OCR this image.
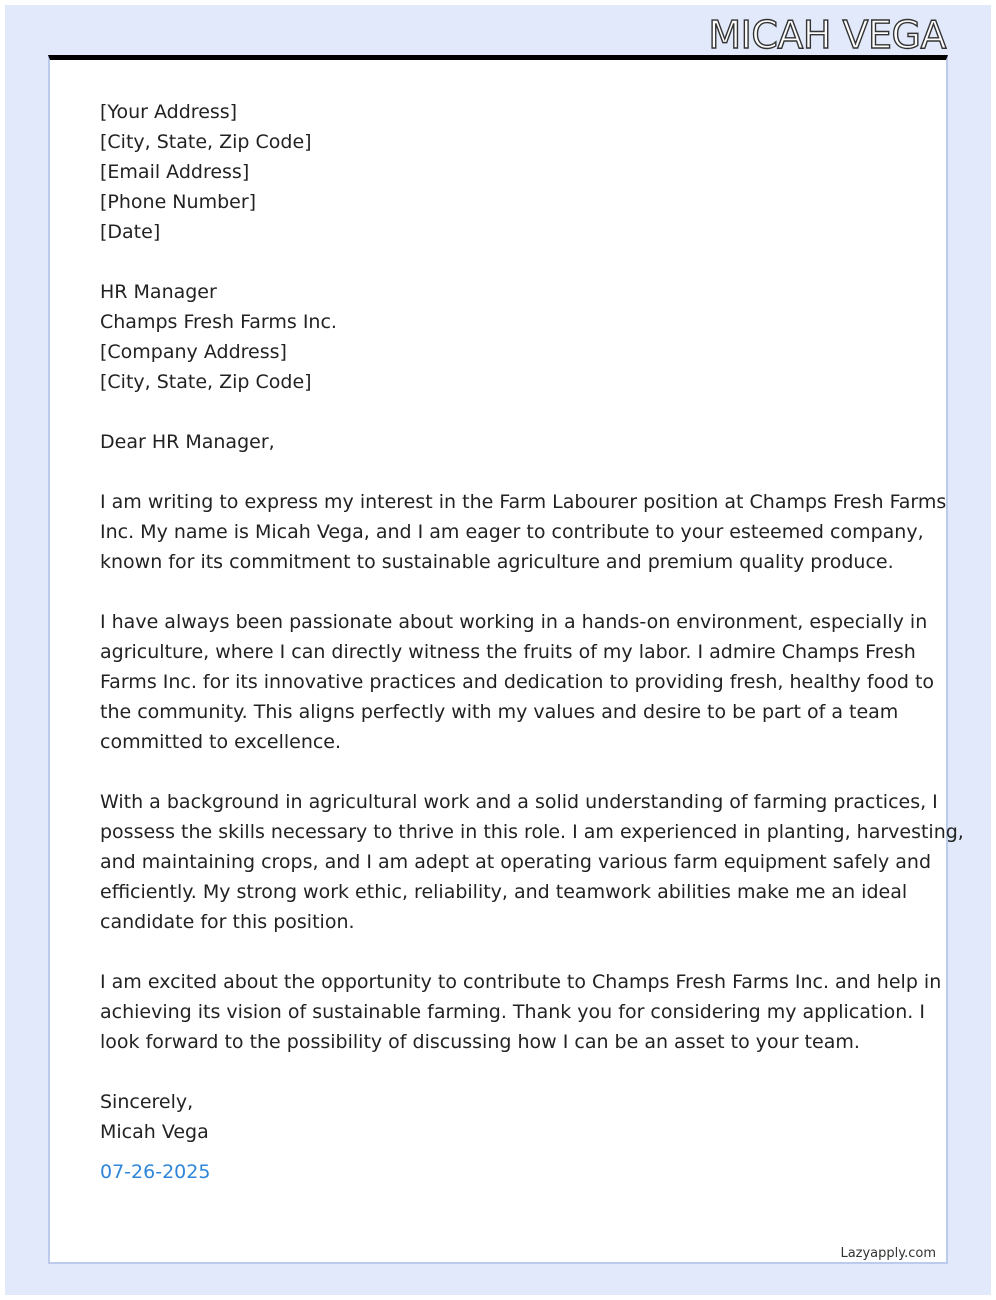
MICAH VEGA
[Your Address]
[City, State, Zip Code]
[Email Address]
[Phone Number]
[Date]
HR Manager
Champs Fresh Farms Inc.
[Company Address]
[City, State, Zip Code]
Dear HR Manager,
I am writing to express my interest in the Farm Labourer position at Champs Fresh Farms
Inc. My name is Micah Vega, and I am eager to contribute to your esteemed company,
known for its commitment to sustainable agriculture and premium quality produce.
I have always been passionate about working in a hands-on environment, especially in
agriculture, where I can directly witness the fruits of my labor. I admire Champs Fresh
Farms Inc. for its innovative practices and dedication to providing fresh, healthy food to
the community. This aligns perfectly with my values and desire to be part of a team
committed to excellence.
With a background in agricultural work and a solid understanding of farming practices, I
possess the skills necessary to thrive in this role. I am experienced in planting, harvesting,
and maintaining crops, and I am adept at operating various farm equipment safely and
efficiently. My strong work ethic, reliability, and teamwork abilities make me an ideal
candidate for this position.
I am excited about the opportunity to contribute to Champs Fresh Farms Inc. and help in
achieving its vision of sustainable farming. Thank you for considering my application. I
look forward to the possibility of discussing how I can be an asset to your team.
Sincerely,
Micah Vega
07-26-2025
Lazyapply.com
